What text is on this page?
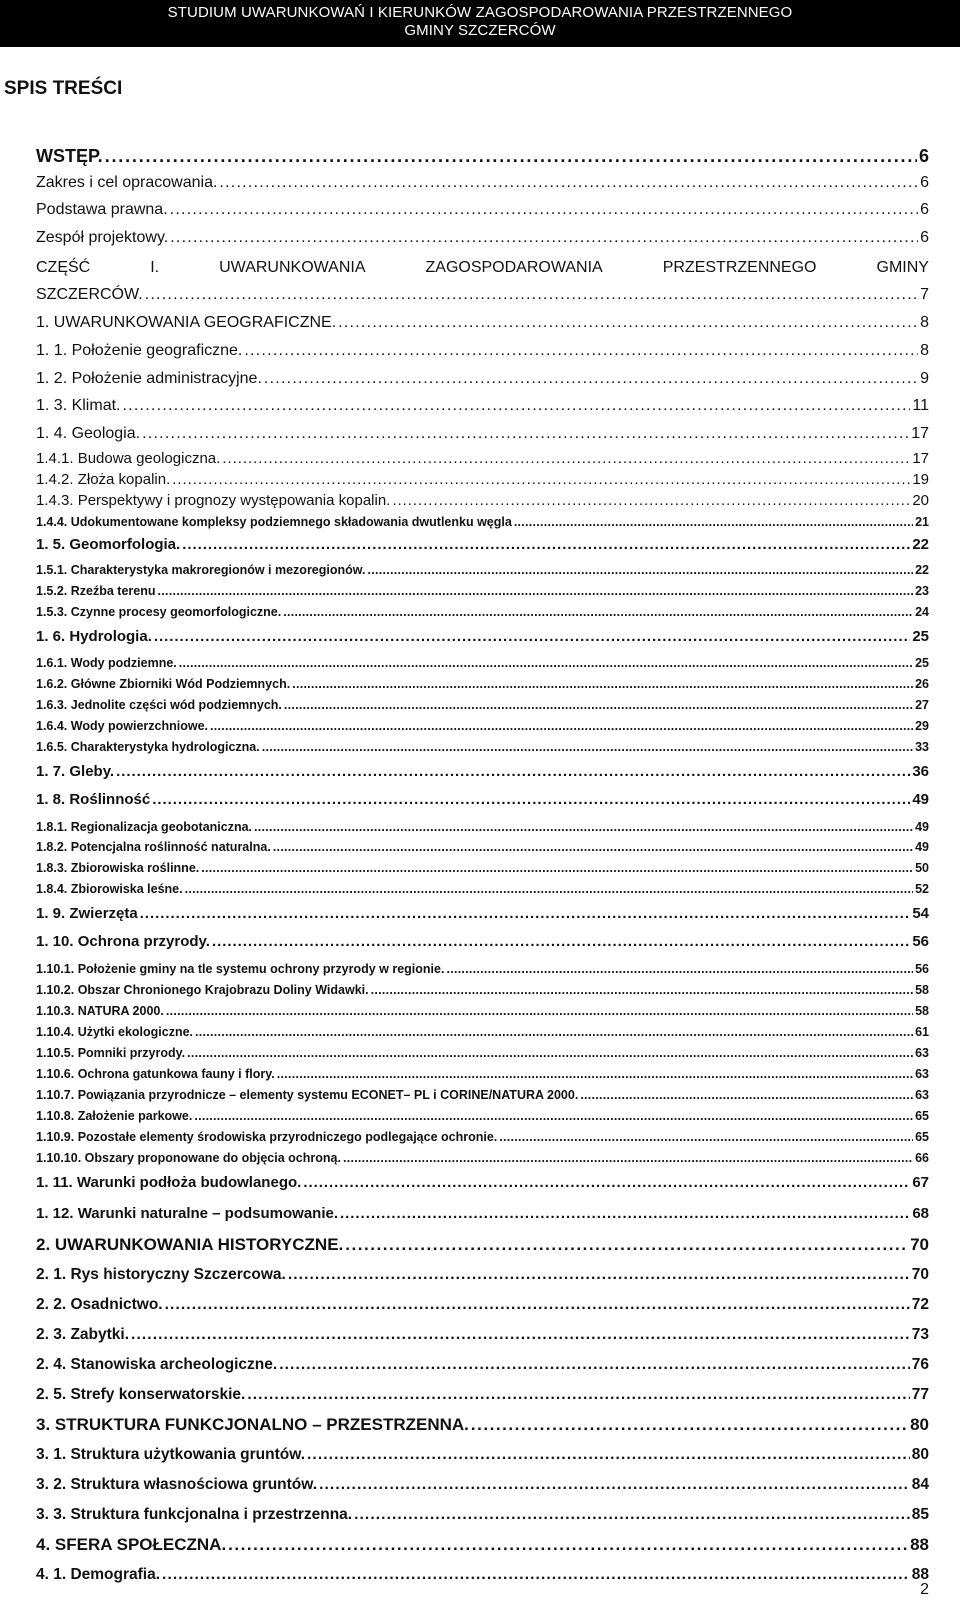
STUDIUM UWARUNKOWAŃ I KIERUNKÓW ZAGOSPODAROWANIA PRZESTRZENNEGO
GMINY SZCZERCÓW
SPIS TREŚCI
WSTĘP. . . .	6
Zakres i cel opracowania. . . .	6
Podstawa prawna. . . .	6
Zespół projektowy. . . .	6
CZĘŚĆ	I.	UWARUNKOWANIA	ZAGOSPODAROWANIA	PRZESTRZENNEGO	GMINY
SZCZERCÓW. . . .	7
1. UWARUNKOWANIA GEOGRAFICZNE. . . .	8
1. 1. Położenie geograficzne. . . .	8
1. 2. Położenie administracyjne. . . .	9
1. 3. Klimat. . . .	11
1. 4. Geologia. . . .	17
1.4.1. Budowa geologiczna. . . .	17
1.4.2. Złoża kopalin. . . .	19
1.4.3. Perspektywy i prognozy występowania kopalin. . . .	20
1.4.4. Udokumentowane kompleksy podziemnego składowania dwutlenku węgla . . .	21
1. 5. Geomorfologia. . . .	22
1.5.1. Charakterystyka makroregionów i mezoregionów. . . .	22
1.5.2. Rzeźba terenu . . .	23
1.5.3. Czynne procesy geomorfologiczne. . . .	24
1. 6. Hydrologia. . . .	25
1.6.1. Wody podziemne. . . .	25
1.6.2. Główne Zbiorniki Wód Podziemnych. . . .	26
1.6.3. Jednolite części wód podziemnych. . . .	27
1.6.4. Wody powierzchniowe. . . .	29
1.6.5. Charakterystyka hydrologiczna. . . .	33
1. 7. Gleby. . . .	36
1. 8. Roślinność . . .	49
1.8.1. Regionalizacja geobotaniczna. . . .	49
1.8.2. Potencjalna roślinność naturalna. . . .	49
1.8.3. Zbiorowiska roślinne. . . .	50
1.8.4. Zbiorowiska leśne. . . .	52
1. 9. Zwierzęta . . .	54
1. 10. Ochrona przyrody. . . .	56
1.10.1. Położenie gminy na tle systemu ochrony przyrody w regionie. . . .	56
1.10.2. Obszar Chronionego Krajobrazu Doliny Widawki. . . .	58
1.10.3. NATURA 2000. . . .	58
1.10.4. Użytki ekologiczne. . . .	61
1.10.5. Pomniki przyrody. . . .	63
1.10.6. Ochrona gatunkowa fauny i flory. . . .	63
1.10.7. Powiązania przyrodnicze – elementy systemu ECONET– PL i CORINE/NATURA 2000. . . .	63
1.10.8. Założenie parkowe. . . .	65
1.10.9. Pozostałe elementy środowiska przyrodniczego podlegające ochronie. . . .	65
1.10.10. Obszary proponowane do objęcia ochroną. . . .	66
1. 11. Warunki podłoża budowlanego. . . .	67
1. 12. Warunki naturalne – podsumowanie. . . .	68
2. UWARUNKOWANIA HISTORYCZNE. . . .	70
2. 1. Rys historyczny Szczercowa. . . .	70
2. 2. Osadnictwo. . . .	72
2. 3. Zabytki. . . .	73
2. 4. Stanowiska archeologiczne. . . .	76
2. 5. Strefy konserwatorskie. . . .	77
3. STRUKTURA FUNKCJONALNO – PRZESTRZENNA. . . .	80
3. 1. Struktura użytkowania gruntów. . . .	80
3. 2. Struktura własnościowa gruntów. . . .	84
3. 3. Struktura funkcjonalna i przestrzenna. . . .	85
4. SFERA SPOŁECZNA. . . .	88
4. 1. Demografia. . . .	88
2
